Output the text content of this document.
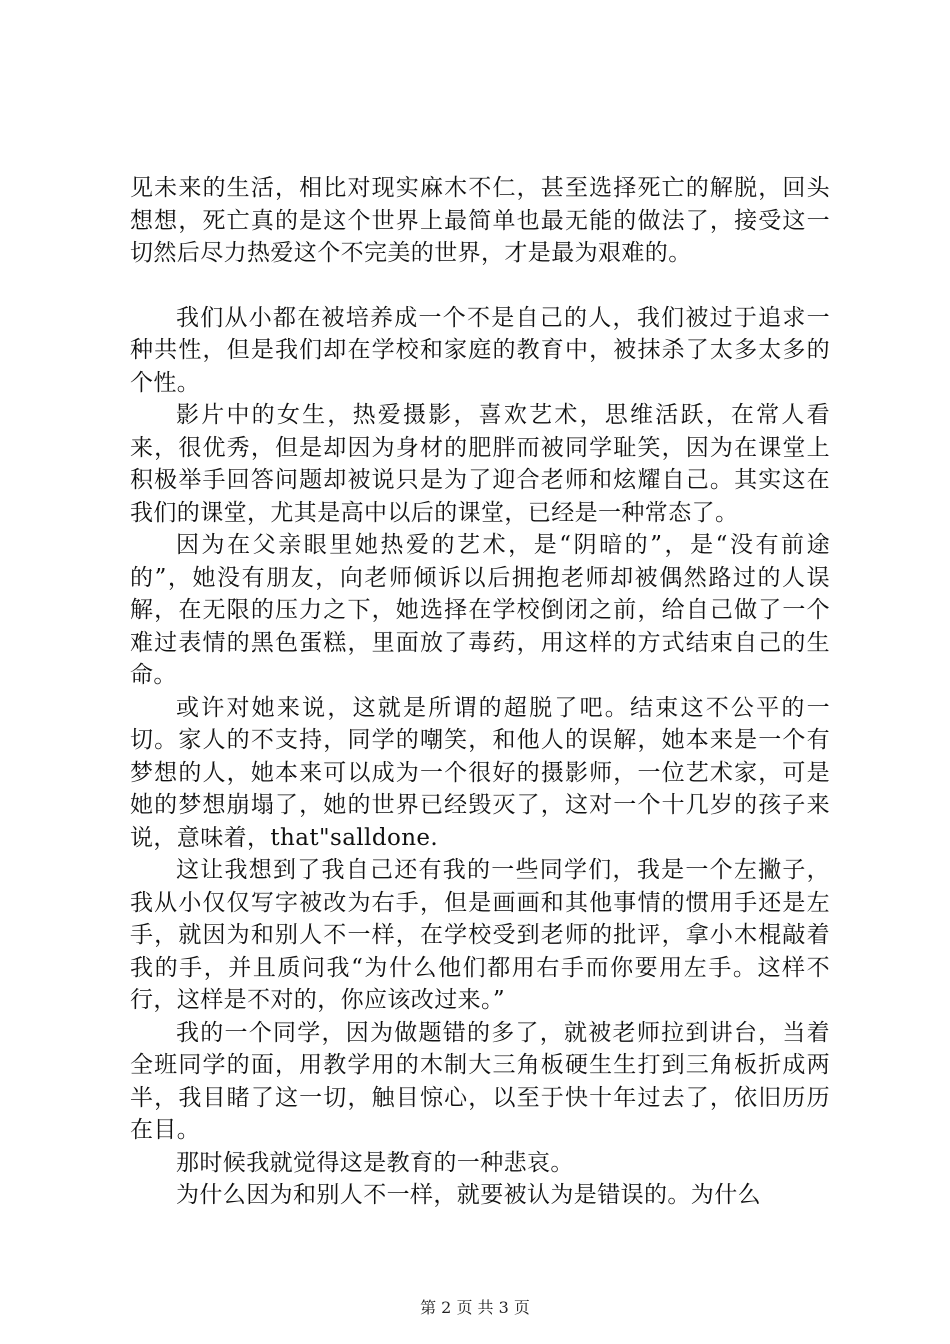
见未来的生活，相比对现实麻木不仁，甚至选择死亡的解脱，回头想想，死亡真的是这个世界上最简单也最无能的做法了，接受这一切然后尽力热爱这个不完美的世界，才是最为艰难的。

我们从小都在被培养成一个不是自己的人，我们被过于追求一种共性，但是我们却在学校和家庭的教育中，被抹杀了太多太多的个性。

影片中的女生，热爱摄影，喜欢艺术，思维活跃，在常人看来，很优秀，但是却因为身材的肥胖而被同学耻笑，因为在课堂上积极举手回答问题却被说只是为了迎合老师和炫耀自己。其实这在我们的课堂，尤其是高中以后的课堂，已经是一种常态了。

因为在父亲眼里她热爱的艺术，是“阴暗的”，是“没有前途的”，她没有朋友，向老师倾诉以后拥抱老师却被偶然路过的人误解，在无限的压力之下，她选择在学校倒闭之前，给自己做了一个难过表情的黑色蛋糕，里面放了毒药，用这样的方式结束自己的生命。

或许对她来说，这就是所谓的超脱了吧。结束这不公平的一切。家人的不支持，同学的嘲笑，和他人的误解，她本来是一个有梦想的人，她本来可以成为一个很好的摄影师，一位艺术家，可是她的梦想崩塌了，她的世界已经毁灭了，这对一个十几岁的孩子来说，意味着，that"salldone.

这让我想到了我自己还有我的一些同学们，我是一个左撇子，我从小仅仅写字被改为右手，但是画画和其他事情的惯用手还是左手，就因为和别人不一样，在学校受到老师的批评，拿小木棍敲着我的手，并且质问我“为什么他们都用右手而你要用左手。这样不行，这样是不对的，你应该改过来。”

我的一个同学，因为做题错的多了，就被老师拉到讲台，当着全班同学的面，用教学用的木制大三角板硬生生打到三角板折成两半，我目睹了这一切，触目惊心，以至于快十年过去了，依旧历历在目。

那时候我就觉得这是教育的一种悲哀。

为什么因为和别人不一样，就要被认为是错误的。为什么

第 2 页 共 3 页
